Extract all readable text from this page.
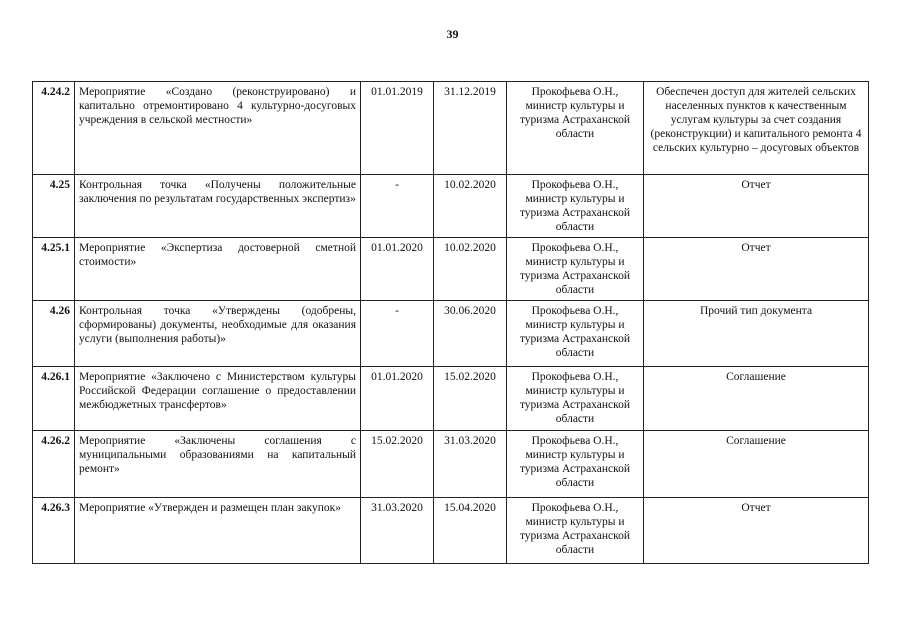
39
4.24.2	Мероприятие «Создано (реконструировано) и капитально отремонтировано 4 культурно-досуговых учреждения в сельской местности»	01.01.2019	31.12.2019	Прокофьева О.Н., министр культуры и туризма Астраханской области	Обеспечен доступ для жителей сельских населенных пунктов к качественным услугам культуры за счет создания (реконструкции) и капитального ремонта 4 сельских культурно – досуговых объектов
4.25	Контрольная точка «Получены положительные заключения по результатам государственных экспертиз»	-	10.02.2020	Прокофьева О.Н., министр культуры и туризма Астраханской области	Отчет
4.25.1	Мероприятие «Экспертиза достоверной сметной стоимости»	01.01.2020	10.02.2020	Прокофьева О.Н., министр культуры и туризма Астраханской области	Отчет
4.26	Контрольная точка «Утверждены (одобрены, сформированы) документы, необходимые для оказания услуги (выполнения работы)»	-	30.06.2020	Прокофьева О.Н., министр культуры и туризма Астраханской области	Прочий тип документа
4.26.1	Мероприятие «Заключено с Министерством культуры Российской Федерации соглашение о предоставлении межбюджетных трансфертов»	01.01.2020	15.02.2020	Прокофьева О.Н., министр культуры и туризма Астраханской области	Соглашение
4.26.2	Мероприятие «Заключены соглашения с муниципальными образованиями на капитальный ремонт»	15.02.2020	31.03.2020	Прокофьева О.Н., министр культуры и туризма Астраханской области	Соглашение
4.26.3	Мероприятие «Утвержден и размещен план закупок»	31.03.2020	15.04.2020	Прокофьева О.Н., министр культуры и туризма Астраханской области	Отчет
